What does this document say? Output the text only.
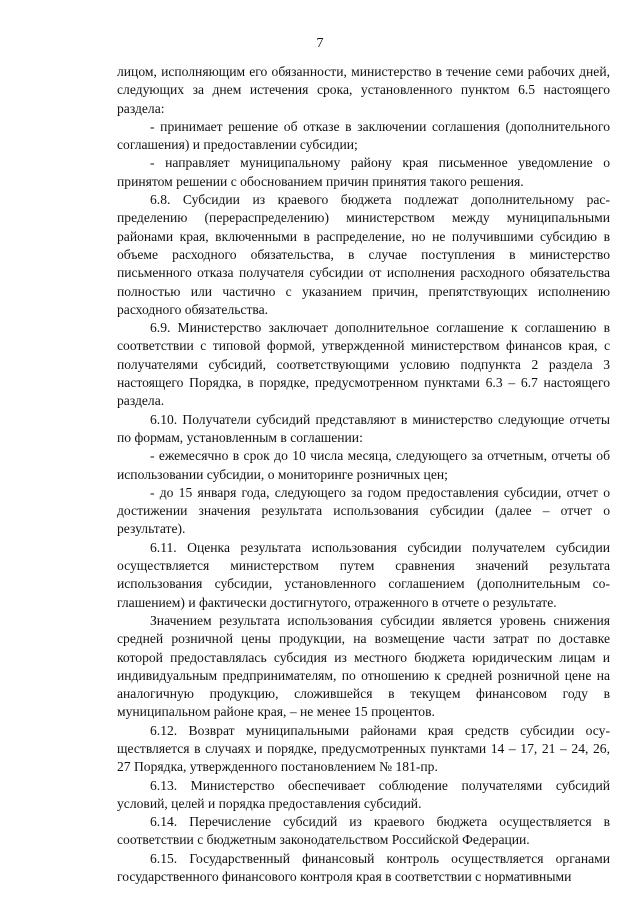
7

лицом, исполняющим его обязанности, министерство в течение семи рабочих дней, следующих за днем истечения срока, установленного пунктом 6.5 настоящего раздела:

- принимает решение об отказе в заключении соглашения (дополнительного соглашения) и предоставлении субсидии;

- направляет муниципальному району края письменное уведомление о принятом решении с обоснованием причин принятия такого решения.

6.8. Субсидии из краевого бюджета подлежат дополнительному распределению (перераспределению) министерством между муниципальными районами края, включенными в распределение, но не получившими субсидию в объеме расходного обязательства, в случае поступления в министерство письменного отказа получателя субсидии от исполнения расходного обязательства полностью или частично с указанием причин, препятствующих исполнению расходного обязательства.

6.9. Министерство заключает дополнительное соглашение к соглашению в соответствии с типовой формой, утвержденной министерством финансов края, с получателями субсидий, соответствующими условию подпункта 2 раздела 3 настоящего Порядка, в порядке, предусмотренном пунктами 6.3 – 6.7 настоящего раздела.

6.10. Получатели субсидий представляют в министерство следующие отчеты по формам, установленным в соглашении:

- ежемесячно в срок до 10 числа месяца, следующего за отчетным, отчеты об использовании субсидии, о мониторинге розничных цен;

- до 15 января года, следующего за годом предоставления субсидии, отчет о достижении значения результата использования субсидии (далее – отчет о результате).

6.11. Оценка результата использования субсидии получателем субсидии осуществляется министерством путем сравнения значений результата использования субсидии, установленного соглашением (дополнительным соглашением) и фактически достигнутого, отраженного в отчете о результате.

Значением результата использования субсидии является уровень снижения средней розничной цены продукции, на возмещение части затрат по доставке которой предоставлялась субсидия из местного бюджета юридическим лицам и индивидуальным предпринимателям, по отношению к средней розничной цене на аналогичную продукцию, сложившейся в текущем финансовом году в муниципальном районе края, – не менее 15 процентов.

6.12. Возврат муниципальными районами края средств субсидии осуществляется в случаях и порядке, предусмотренных пунктами 14 – 17, 21 – 24, 26, 27 Порядка, утвержденного постановлением № 181-пр.

6.13. Министерство обеспечивает соблюдение получателями субсидий условий, целей и порядка предоставления субсидий.

6.14. Перечисление субсидий из краевого бюджета осуществляется в соответствии с бюджетным законодательством Российской Федерации.

6.15. Государственный финансовый контроль осуществляется органами государственного финансового контроля края в соответствии с нормативными
